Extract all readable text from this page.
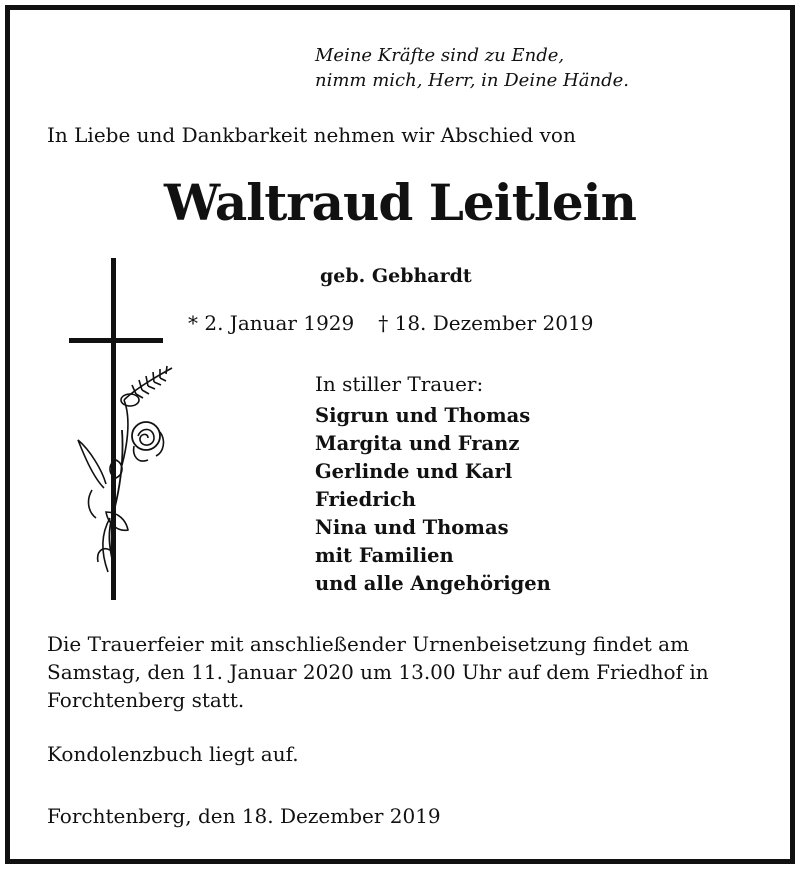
Meine Kräfte sind zu Ende,
nimm mich, Herr, in Deine Hände.
In Liebe und Dankbarkeit nehmen wir Abschied von
Waltraud Leitlein
geb. Gebhardt
* 2. Januar 1929 † 18. Dezember 2019
In stiller Trauer:
Sigrun und Thomas
Margita und Franz
Gerlinde und Karl
Friedrich
Nina und Thomas
mit Familien
und alle Angehörigen
Die Trauerfeier mit anschließender Urnenbeisetzung findet am Samstag, den 11. Januar 2020 um 13.00 Uhr auf dem Friedhof in Forchtenberg statt.
Kondolenzbuch liegt auf.
Forchtenberg, den 18. Dezember 2019
